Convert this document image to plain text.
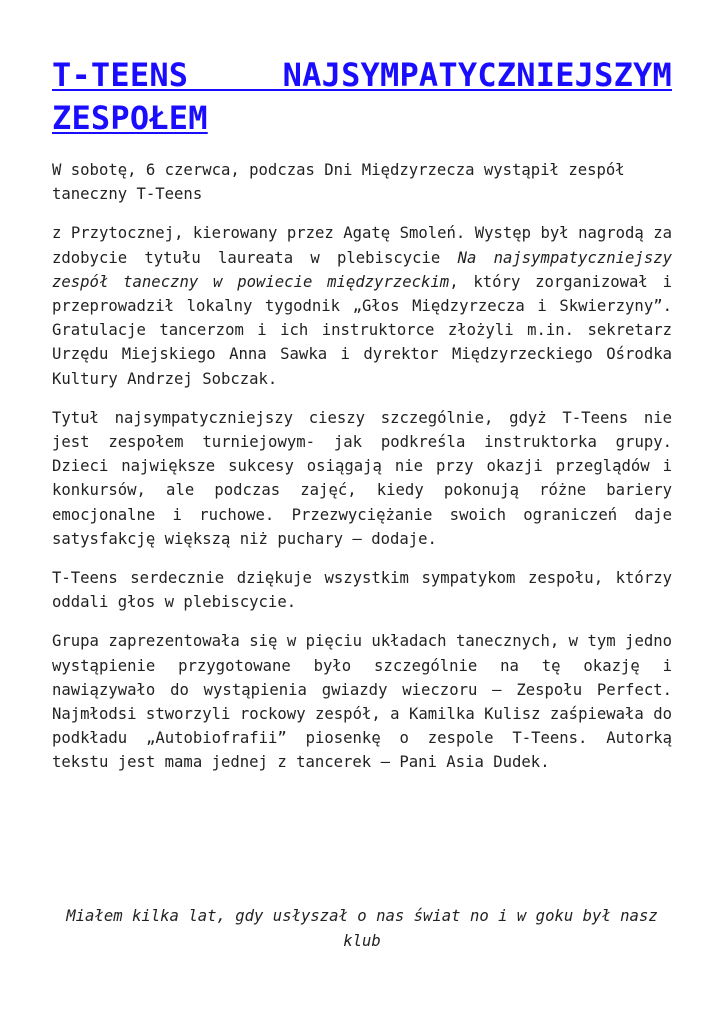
T-TEENS NAJSYMPATYCZNIEJSZYM ZESPOŁEM

W sobotę, 6 czerwca, podczas Dni Międzyrzecza wystąpił zespół taneczny T-Teens

z Przytocznej, kierowany przez Agatę Smoleń. Występ był nagrodą za zdobycie tytułu laureata w plebiscycie Na najsympatyczniejszy zespół taneczny w powiecie międzyrzeckim, który zorganizował i przeprowadził lokalny tygodnik „Głos Międzyrzecza i Skwierzyny”. Gratulacje tancerzom i ich instruktorce złożyli m.in. sekretarz Urzędu Miejskiego Anna Sawka i dyrektor Międzyrzeckiego Ośrodka Kultury Andrzej Sobczak.

Tytuł najsympatyczniejszy cieszy szczególnie, gdyż T-Teens nie jest zespołem turniejowym- jak podkreśla instruktorka grupy. Dzieci największe sukcesy osiągają nie przy okazji przeglądów i konkursów, ale podczas zajęć, kiedy pokonują różne bariery emocjonalne i ruchowe. Przezwyciężanie swoich ograniczeń daje satysfakcję większą niż puchary – dodaje.

T-Teens serdecznie dziękuje wszystkim sympatykom zespołu, którzy oddali głos w plebiscycie.

Grupa zaprezentowała się w pięciu układach tanecznych, w tym jedno wystąpienie przygotowane było szczególnie na tę okazję i nawiązywało do wystąpienia gwiazdy wieczoru – Zespołu Perfect. Najmłodsi stworzyli rockowy zespół, a Kamilka Kulisz zaśpiewała do podkładu „Autobiofrafii” piosenkę o zespole T-Teens. Autorką tekstu jest mama jednej z tancerek – Pani Asia Dudek.

Miałem kilka lat, gdy usłyszał o nas świat no i w goku był nasz klub
